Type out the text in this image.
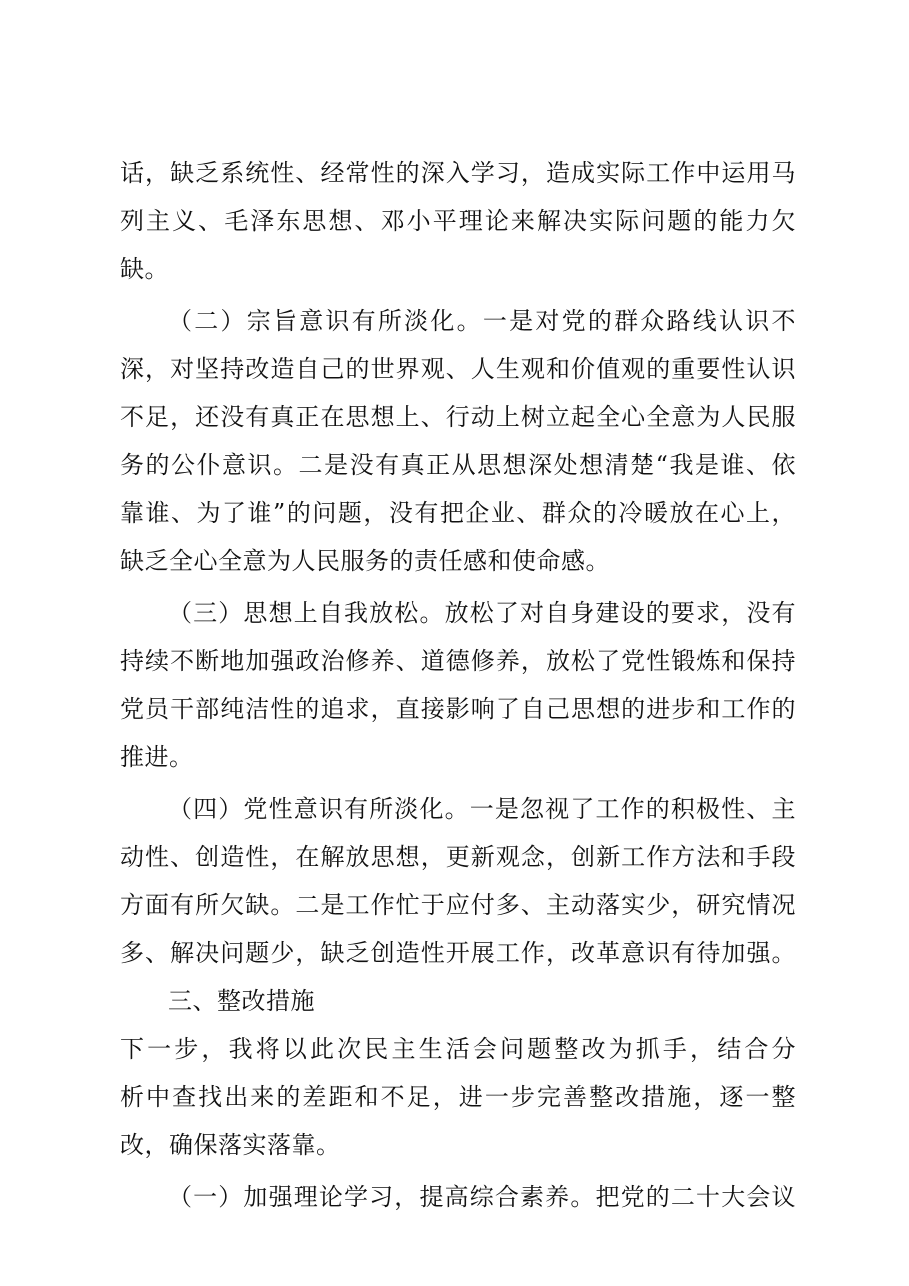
话，缺乏系统性、经常性的深入学习，造成实际工作中运用马
列主义、毛泽东思想、邓小平理论来解决实际问题的能力欠
缺。
（二）宗旨意识有所淡化。一是对党的群众路线认识不
深，对坚持改造自己的世界观、人生观和价值观的重要性认识
不足，还没有真正在思想上、行动上树立起全心全意为人民服
务的公仆意识。二是没有真正从思想深处想清楚“我是谁、依
靠谁、为了谁”的问题，没有把企业、群众的冷暖放在心上，
缺乏全心全意为人民服务的责任感和使命感。
（三）思想上自我放松。放松了对自身建设的要求，没有
持续不断地加强政治修养、道德修养，放松了党性锻炼和保持
党员干部纯洁性的追求，直接影响了自己思想的进步和工作的
推进。
（四）党性意识有所淡化。一是忽视了工作的积极性、主
动性、创造性，在解放思想，更新观念，创新工作方法和手段
方面有所欠缺。二是工作忙于应付多、主动落实少，研究情况
多、解决问题少，缺乏创造性开展工作，改革意识有待加强。
三、整改措施
下一步，我将以此次民主生活会问题整改为抓手，结合分
析中查找出来的差距和不足，进一步完善整改措施，逐一整
改，确保落实落靠。
（一）加强理论学习，提高综合素养。把党的二十大会议
